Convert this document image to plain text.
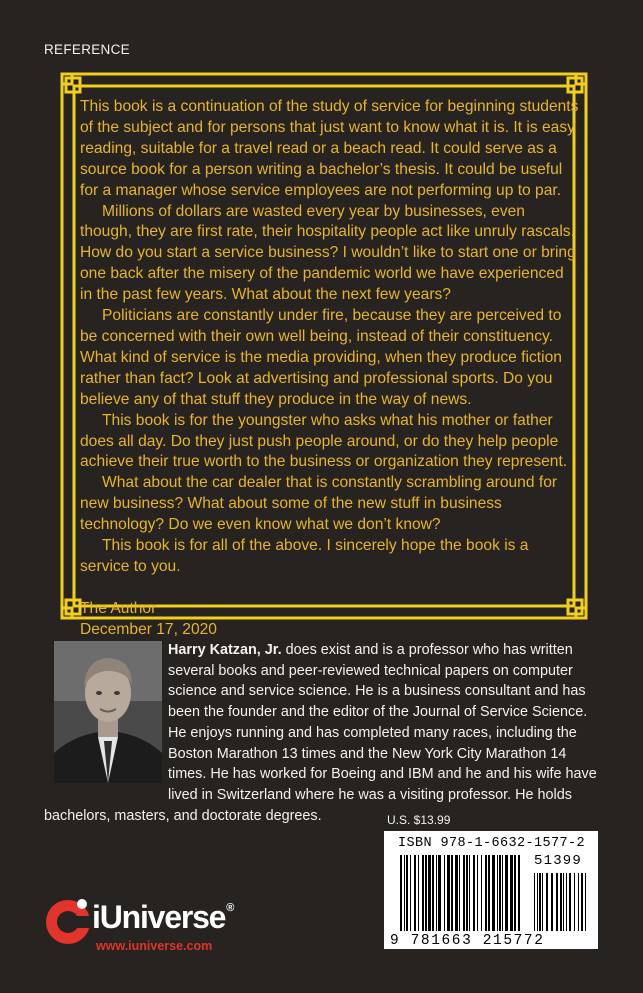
REFERENCE

This book is a continuation of the study of service for beginning students of the subject and for persons that just want to know what it is. It is easy reading, suitable for a travel read or a beach read. It could serve as a source book for a person writing a bachelor’s thesis. It could be useful for a manager whose service employees are not performing up to par.

Millions of dollars are wasted every year by businesses, even though, they are first rate, their hospitality people act like unruly rascals. How do you start a service business? I wouldn’t like to start one or bring one back after the misery of the pandemic world we have experienced in the past few years. What about the next few years?

Politicians are constantly under fire, because they are perceived to be concerned with their own well being, instead of their constituency. What kind of service is the media providing, when they produce fiction rather than fact? Look at advertising and professional sports. Do you believe any of that stuff they produce in the way of news.

This book is for the youngster who asks what his mother or father does all day. Do they just push people around, or do they help people achieve their true worth to the business or organization they represent.

What about the car dealer that is constantly scrambling around for new business? What about some of the new stuff in business technology? Do we even know what we don’t know?

This book is for all of the above. I sincerely hope the book is a service to you.

The Author
December 17, 2020
Harry Katzan, Jr. does exist and is a professor who has written several books and peer-reviewed technical papers on computer science and service science. He is a business consultant and has been the founder and the editor of the Journal of Service Science. He enjoys running and has completed many races, including the Boston Marathon 13 times and the New York City Marathon 14 times. He has worked for Boeing and IBM and he and his wife have lived in Switzerland where he was a visiting professor. He holds bachelors, masters, and doctorate degrees.	U.S. $13.99
ISBN 978-1-6632-1577-2
51399
9 781663 215772
iUniverse®
www.iuniverse.com
